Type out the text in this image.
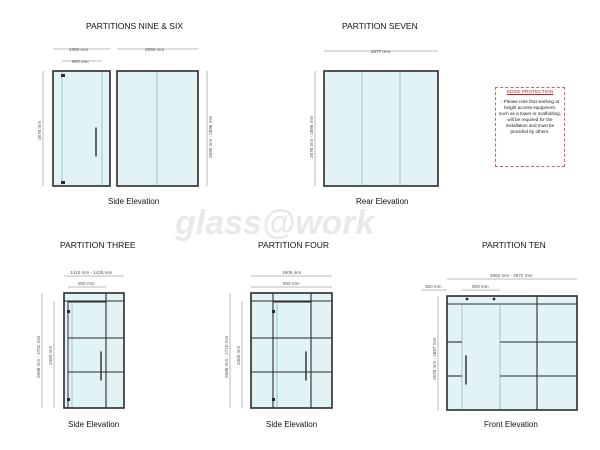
PARTITIONS NINE & SIX	PARTITION SEVEN
PARTITION THREE	PARTITION FOUR	PARTITION TEN
Side Elevation	Rear Elevation
Side Elevation	Side Elevation	Front Elevation
glass@work
1392 mm
900 mm
1932 mm
2676 mm	2690 mm - 2696 mm
2677 mm
2676 mm - 2686 mm
1415 mm - 1425 mm
900 mm
2698 mm - 2702 mm 2400 mm
1905 mm
900 mm
2698 mm - 2710 mm 2400 mm
2962 mm - 2972 mm
300 mm	900 mm
2678 mm - 2687 mm
EDGE PROTECTION
- Please note that working at height access equipment, such as a tower or scaffolding, will be required for the installation and must be provided by others.
